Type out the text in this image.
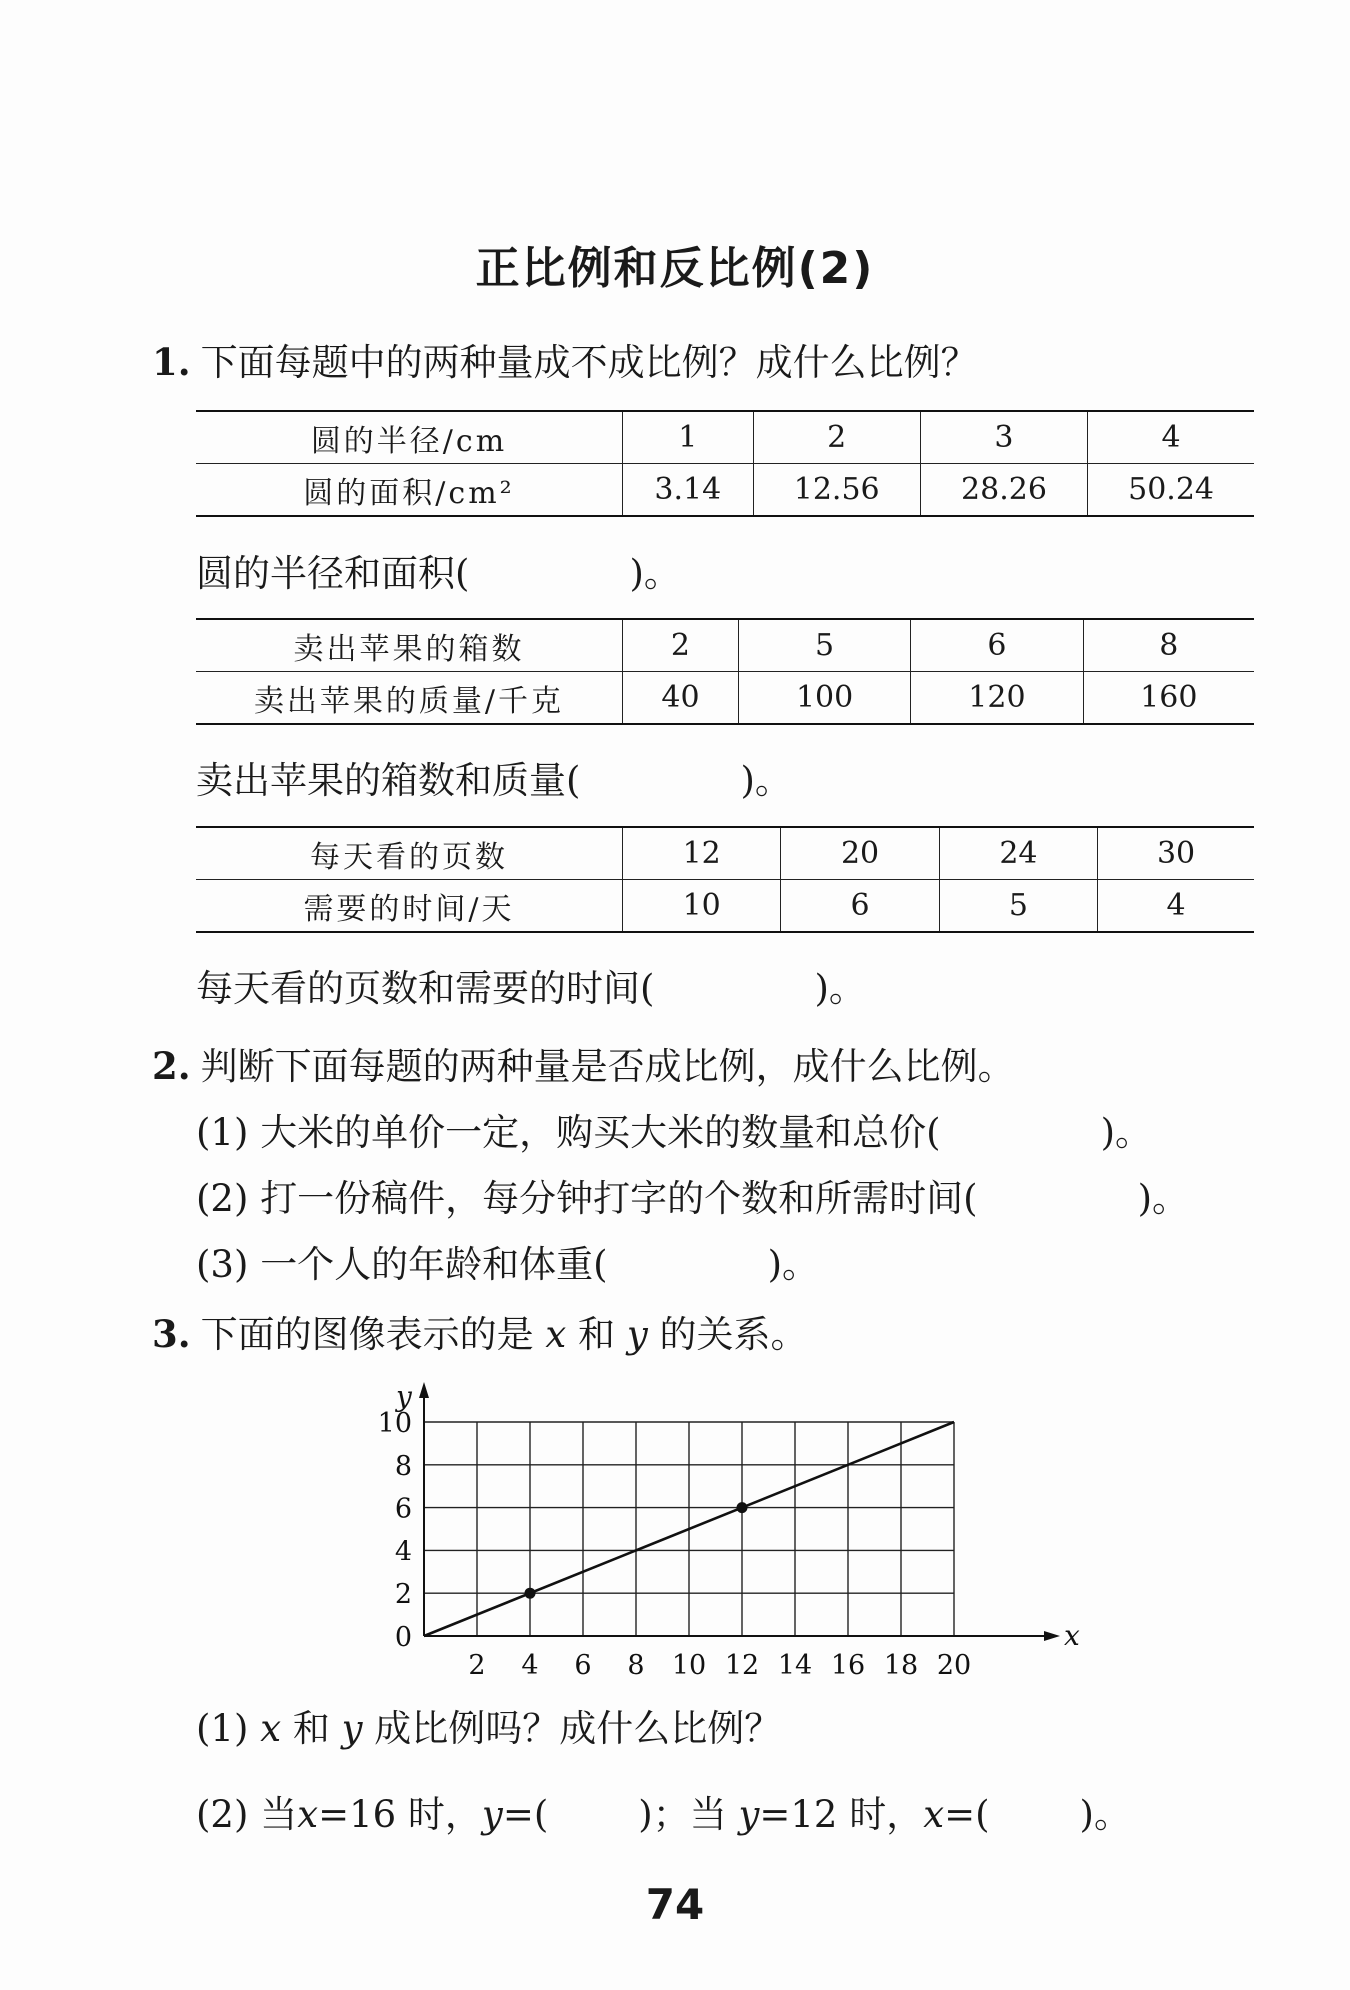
正比例和反比例(2)
1. 下面每题中的两种量成不成比例？成什么比例？
圆的半径/cm	1	2	3	4
圆的面积/cm²	3.14	12.56	28.26	50.24
圆的半径和面积(	)。
卖出苹果的箱数	2	5	6	8
卖出苹果的质量/千克	40	100	120	160
卖出苹果的箱数和质量(	)。
每天看的页数	12	20	24	30
需要的时间/天	10	6	5	4
每天看的页数和需要的时间(	)。
2. 判断下面每题的两种量是否成比例，成什么比例。
(1) 大米的单价一定，购买大米的数量和总价(	)。
(2) 打一份稿件，每分钟打字的个数和所需时间(	)。
(3) 一个人的年龄和体重(	)。
3. 下面的图像表示的是 x 和 y 的关系。
x
y
2 4 6 8 10 12 14 16 18 20
0
2
4
6
8
10
(1) x 和 y 成比例吗？成什么比例？
(2) 当x=16 时，y=( )；当 y=12 时，x=( )。
74
